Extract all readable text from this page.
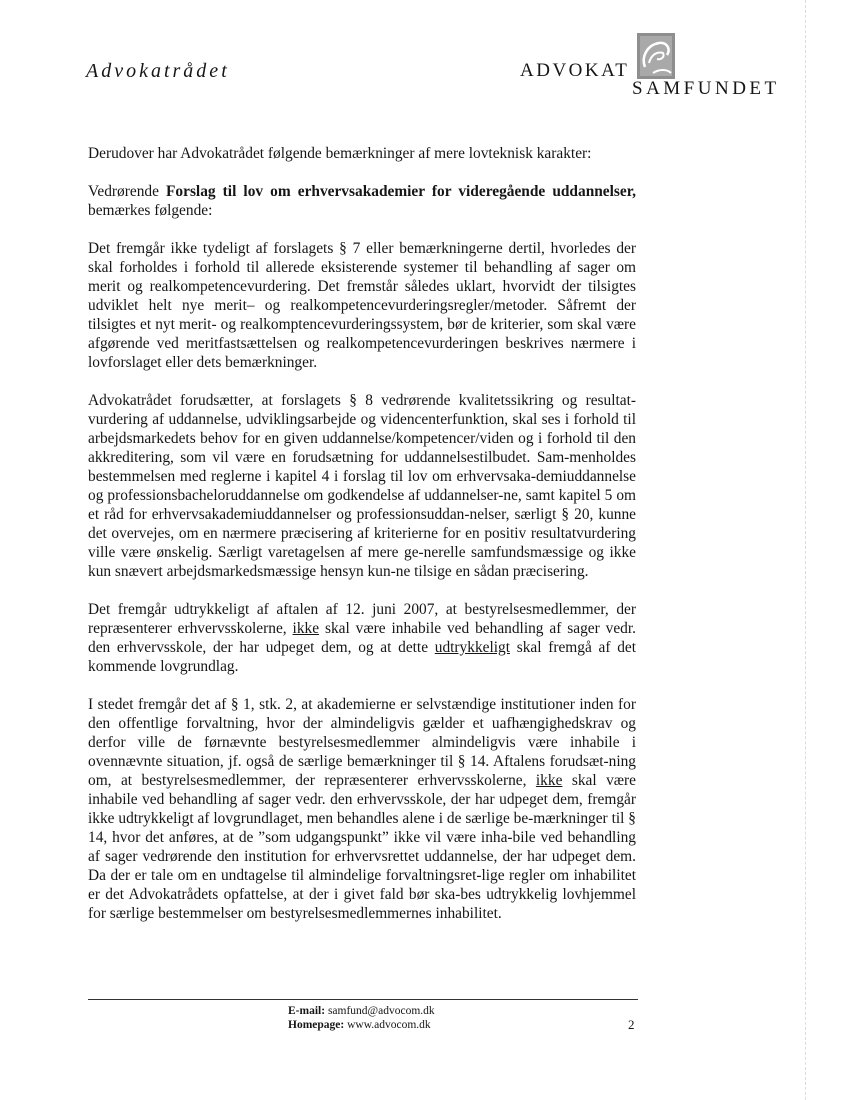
Advokatrådet	ADVOKAT
SAMFUNDET

Derudover har Advokatrådet følgende bemærkninger af mere lovteknisk karakter:

Vedrørende Forslag til lov om erhvervsakademier for videregående uddannelser, bemærkes følgende:

Det fremgår ikke tydeligt af forslagets § 7 eller bemærkningerne dertil, hvorledes der skal forholdes i forhold til allerede eksisterende systemer til behandling af sager om merit og realkompetencevurdering. Det fremstår således uklart, hvorvidt der tilsigtes udviklet helt nye merit– og realkompetencevurderingsregler/metoder. Såfremt der tilsigtes et nyt merit- og realkomptencevurderingssystem, bør de kriterier, som skal være afgørende ved meritfastsættelsen og realkompetencevurderingen beskrives nærmere i lovforslaget eller dets bemærkninger.

Advokatrådet forudsætter, at forslagets § 8 vedrørende kvalitetssikring og resultat-vurdering af uddannelse, udviklingsarbejde og videncenterfunktion, skal ses i forhold til arbejdsmarkedets behov for en given uddannelse/kompetencer/viden og i forhold til den akkreditering, som vil være en forudsætning for uddannelsestilbudet. Sam-menholdes bestemmelsen med reglerne i kapitel 4 i forslag til lov om erhvervsaka-demiuddannelse og professionsbacheloruddannelse om godkendelse af uddannelser-ne, samt kapitel 5 om et råd for erhvervsakademiuddannelser og professionsuddan-nelser, særligt § 20, kunne det overvejes, om en nærmere præcisering af kriterierne for en positiv resultatvurdering ville være ønskelig. Særligt varetagelsen af mere ge-nerelle samfundsmæssige og ikke kun snævert arbejdsmarkedsmæssige hensyn kun-ne tilsige en sådan præcisering.

Det fremgår udtrykkeligt af aftalen af 12. juni 2007, at bestyrelsesmedlemmer, der repræsenterer erhvervsskolerne, ikke skal være inhabile ved behandling af sager vedr. den erhvervsskole, der har udpeget dem, og at dette udtrykkeligt skal fremgå af det kommende lovgrundlag.

I stedet fremgår det af § 1, stk. 2, at akademierne er selvstændige institutioner inden for den offentlige forvaltning, hvor der almindeligvis gælder et uafhængighedskrav og derfor ville de førnævnte bestyrelsesmedlemmer almindeligvis være inhabile i ovennævnte situation, jf. også de særlige bemærkninger til § 14. Aftalens forudsæt-ning om, at bestyrelsesmedlemmer, der repræsenterer erhvervsskolerne, ikke skal være inhabile ved behandling af sager vedr. den erhvervsskole, der har udpeget dem, fremgår ikke udtrykkeligt af lovgrundlaget, men behandles alene i de særlige be-mærkninger til § 14, hvor det anføres, at de ”som udgangspunkt” ikke vil være inha-bile ved behandling af sager vedrørende den institution for erhvervsrettet uddannelse, der har udpeget dem. Da der er tale om en undtagelse til almindelige forvaltningsret-lige regler om inhabilitet er det Advokatrådets opfattelse, at der i givet fald bør ska-bes udtrykkelig lovhjemmel for særlige bestemmelser om bestyrelsesmedlemmernes inhabilitet.

E-mail: samfund@advocom.dk
Homepage: www.advocom.dk	2
